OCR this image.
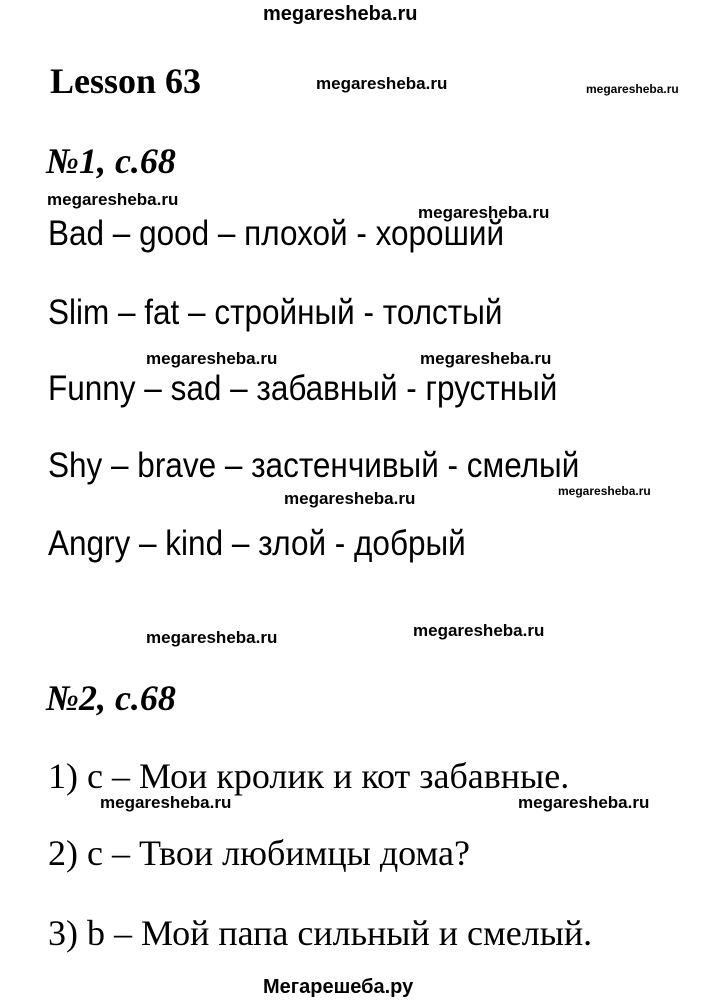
megaresheba.ru
Lesson 63	megaresheba.ru	megaresheba.ru
megaresheba.ru
megaresheba.ru
megaresheba.ru	megaresheba.ru
megaresheba.ru	megaresheba.ru
megaresheba.ru	megaresheba.ru
megaresheba.ru	megaresheba.ru
№1, с.68
Bad – good – плохой - хороший
Slim – fat – стройный - толстый
Funny – sad – забавный - грустный
Shy – brave – застенчивый - смелый
Angry – kind – злой - добрый
№2, с.68
1) с – Мои кролик и кот забавные.
2) с – Твои любимцы дома?
3) b – Мой папа сильный и смелый.
Мегарешеба.ру
